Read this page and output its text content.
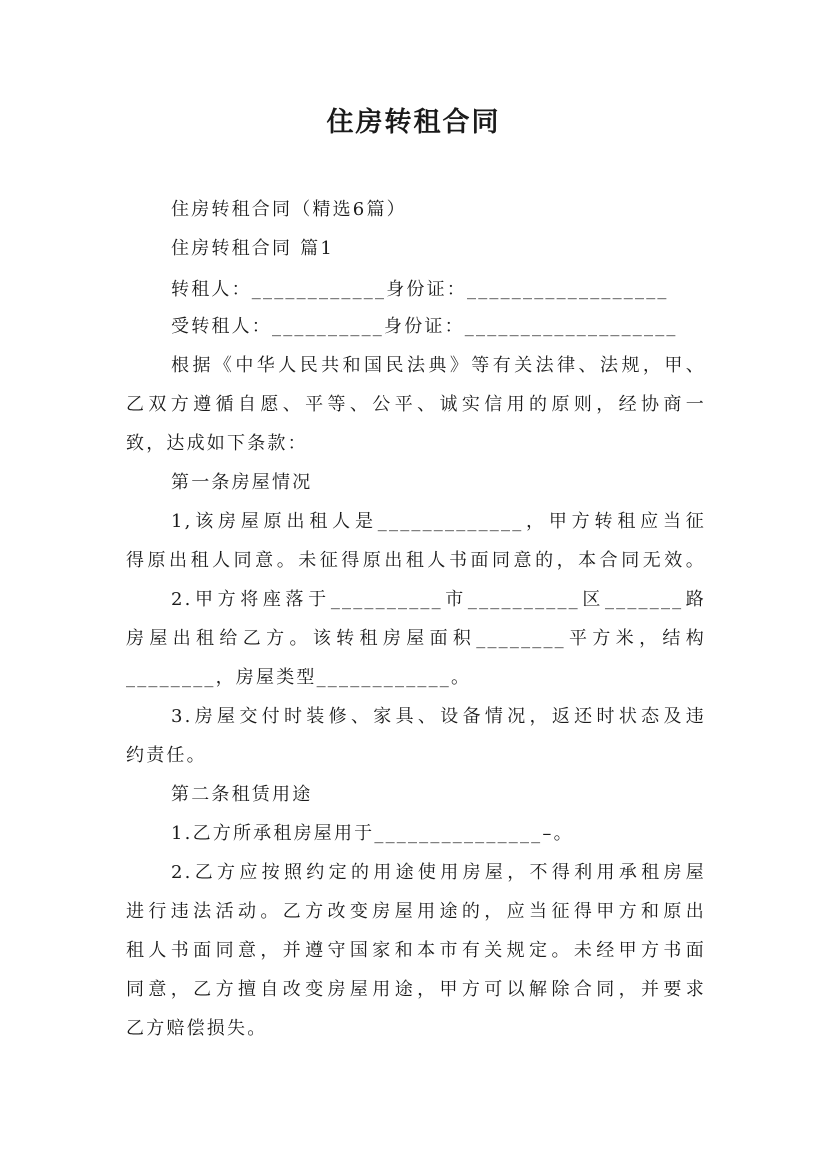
住房转租合同
住房转租合同（精选6篇）
住房转租合同 篇1
转租人：____________身份证：__________________
受转租人：__________身份证：___________________
根据《中华人民共和国民法典》等有关法律、法规，甲、
乙双方遵循自愿、平等、公平、诚实信用的原则，经协商一
致，达成如下条款：
第一条房屋情况
1,该房屋原出租人是_____________，甲方转租应当征
得原出租人同意。未征得原出租人书面同意的，本合同无效。
2.甲方将座落于__________市__________区_______路
房屋出租给乙方。该转租房屋面积________平方米，结构
________，房屋类型____________。
3.房屋交付时装修、家具、设备情况，返还时状态及违
约责任。
第二条租赁用途
1.乙方所承租房屋用于_______________–。
2.乙方应按照约定的用途使用房屋，不得利用承租房屋
进行违法活动。乙方改变房屋用途的，应当征得甲方和原出
租人书面同意，并遵守国家和本市有关规定。未经甲方书面
同意，乙方擅自改变房屋用途，甲方可以解除合同，并要求
乙方赔偿损失。
